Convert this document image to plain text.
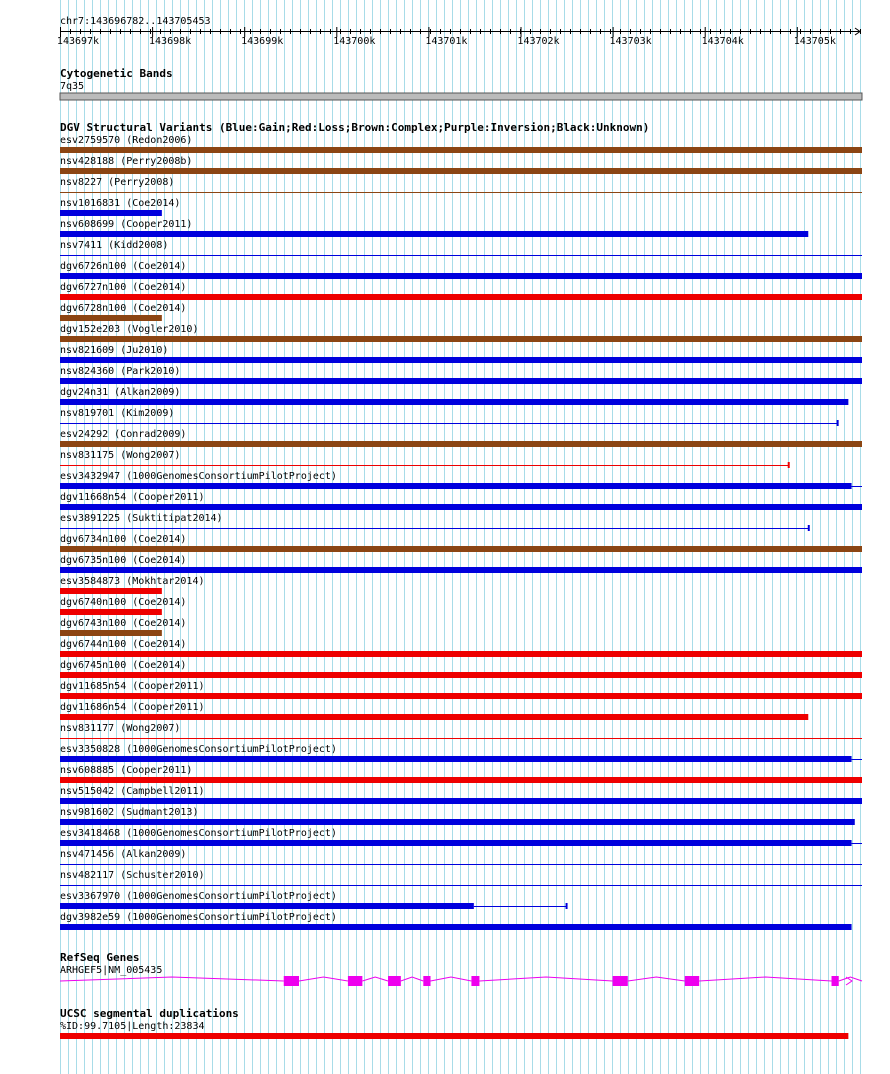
chr7:143696782..143705453
143697k	143698k	143699k	143700k	143701k	143702k	143703k	143704k	143705k
Cytogenetic Bands
7q35
DGV Structural Variants (Blue:Gain;Red:Loss;Brown:Complex;Purple:Inversion;Black:Unknown)
esv2759570 (Redon2006)
nsv428188 (Perry2008b)
nsv8227 (Perry2008)
nsv1016831 (Coe2014)
nsv608699 (Cooper2011)
nsv7411 (Kidd2008)
dgv6726n100 (Coe2014)
dgv6727n100 (Coe2014)
dgv6728n100 (Coe2014)
dgv152e203 (Vogler2010)
nsv821609 (Ju2010)
nsv824360 (Park2010)
dgv24n31 (Alkan2009)
nsv819701 (Kim2009)
esv24292 (Conrad2009)
nsv831175 (Wong2007)
esv3432947 (1000GenomesConsortiumPilotProject)
dgv11668n54 (Cooper2011)
esv3891225 (Suktitipat2014)
dgv6734n100 (Coe2014)
dgv6735n100 (Coe2014)
esv3584873 (Mokhtar2014)
dgv6740n100 (Coe2014)
dgv6743n100 (Coe2014)
dgv6744n100 (Coe2014)
dgv6745n100 (Coe2014)
dgv11685n54 (Cooper2011)
dgv11686n54 (Cooper2011)
nsv831177 (Wong2007)
esv3350828 (1000GenomesConsortiumPilotProject)
nsv608885 (Cooper2011)
nsv515042 (Campbell2011)
nsv981602 (Sudmant2013)
esv3418468 (1000GenomesConsortiumPilotProject)
nsv471456 (Alkan2009)
nsv482117 (Schuster2010)
esv3367970 (1000GenomesConsortiumPilotProject)
dgv3982e59 (1000GenomesConsortiumPilotProject)
RefSeq Genes
ARHGEF5|NM_005435
UCSC segmental duplications
%ID:99.7105|Length:23834
